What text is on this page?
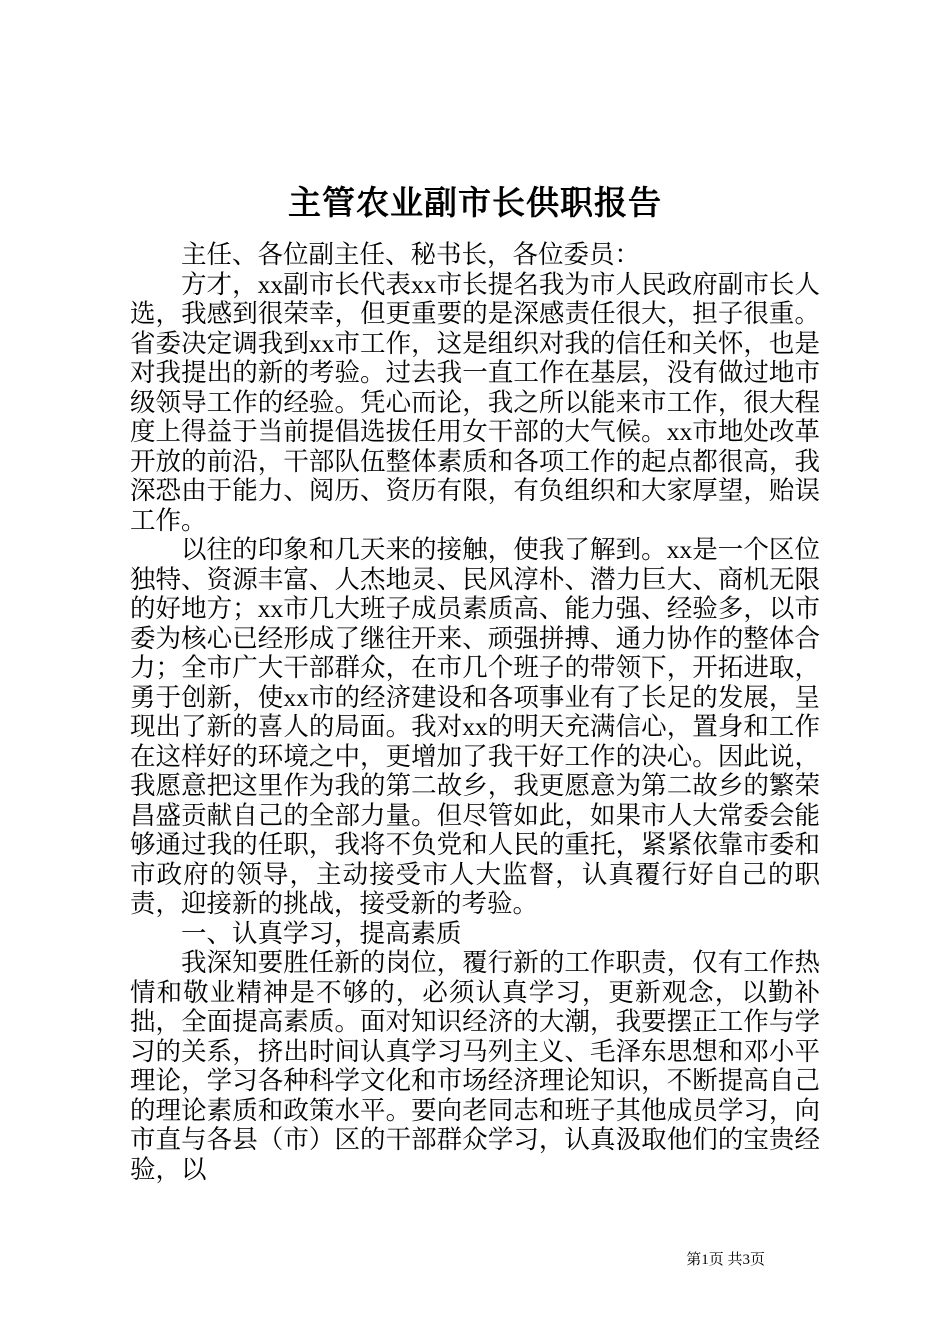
主管农业副市长供职报告

主任、各位副主任、秘书长，各位委员：

方才，xx副市长代表xx市长提名我为市人民政府副市长人选，我感到很荣幸，但更重要的是深感责任很大，担子很重。省委决定调我到xx市工作，这是组织对我的信任和关怀，也是对我提出的新的考验。过去我一直工作在基层，没有做过地市级领导工作的经验。凭心而论，我之所以能来市工作，很大程度上得益于当前提倡选拔任用女干部的大气候。xx市地处改革开放的前沿，干部队伍整体素质和各项工作的起点都很高，我深恐由于能力、阅历、资历有限，有负组织和大家厚望，贻误工作。

以往的印象和几天来的接触，使我了解到。xx是一个区位独特、资源丰富、人杰地灵、民风淳朴、潜力巨大、商机无限的好地方；xx市几大班子成员素质高、能力强、经验多，以市委为核心已经形成了继往开来、顽强拼搏、通力协作的整体合力；全市广大干部群众，在市几个班子的带领下，开拓进取，勇于创新，使xx市的经济建设和各项事业有了长足的发展，呈现出了新的喜人的局面。我对xx的明天充满信心，置身和工作在这样好的环境之中，更增加了我干好工作的决心。因此说，我愿意把这里作为我的第二故乡，我更愿意为第二故乡的繁荣昌盛贡献自己的全部力量。但尽管如此，如果市人大常委会能够通过我的任职，我将不负党和人民的重托，紧紧依靠市委和市政府的领导，主动接受市人大监督，认真覆行好自己的职责，迎接新的挑战，接受新的考验。

一、认真学习，提高素质

我深知要胜任新的岗位，覆行新的工作职责，仅有工作热情和敬业精神是不够的，必须认真学习，更新观念，以勤补拙，全面提高素质。面对知识经济的大潮，我要摆正工作与学习的关系，挤出时间认真学习马列主义、毛泽东思想和邓小平理论，学习各种科学文化和市场经济理论知识，不断提高自己的理论素质和政策水平。要向老同志和班子其他成员学习，向市直与各县（市）区的干部群众学习，认真汲取他们的宝贵经验，以

第1页 共3页
